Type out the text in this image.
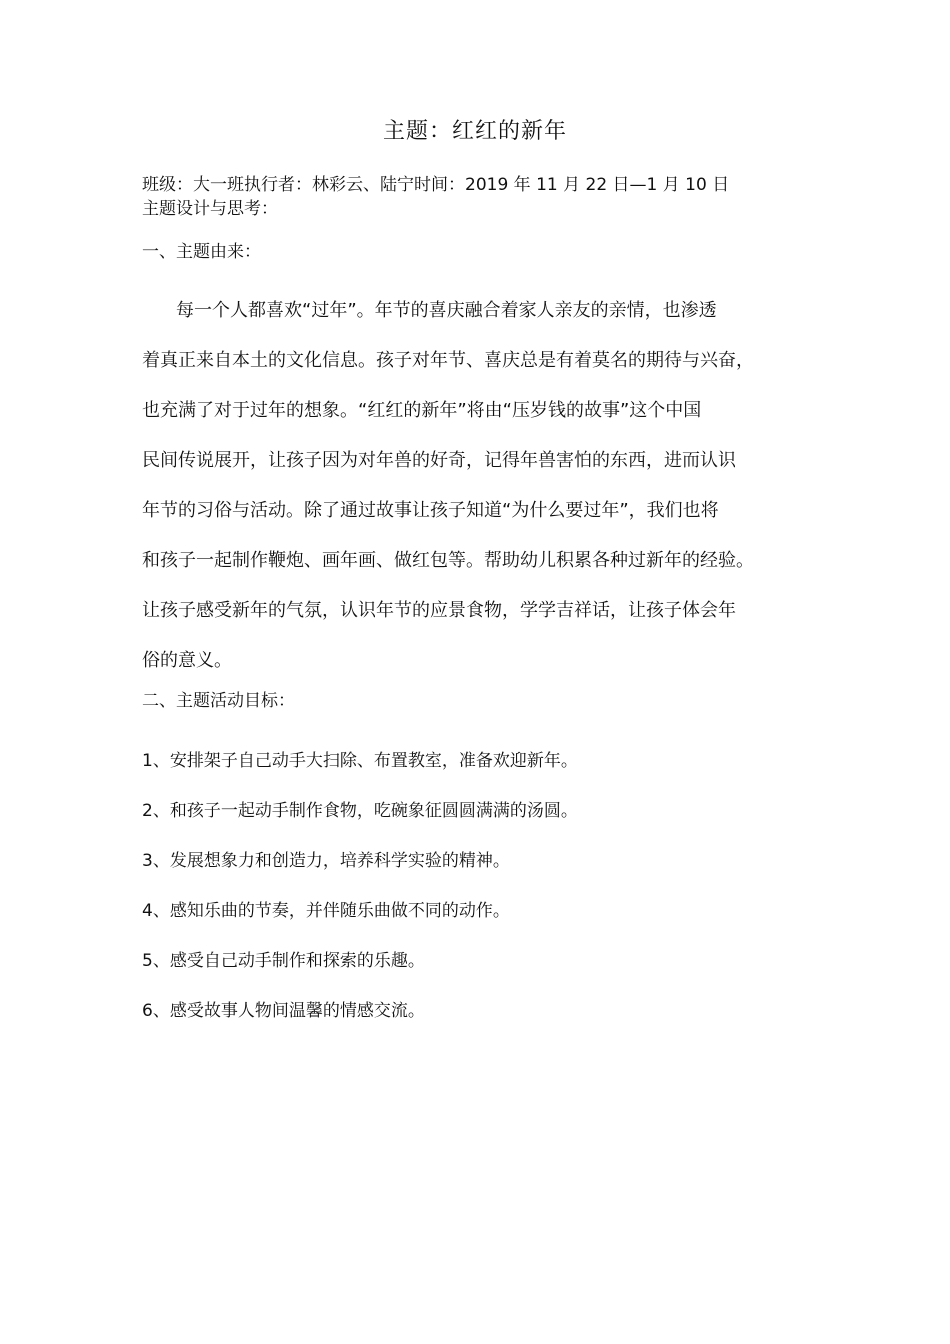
主题：红红的新年
班级：大一班执行者：林彩云、陆宁时间：2019 年 11 月 22 日—1 月 10 日
主题设计与思考：
一、主题由来：
每一个人都喜欢“过年”。年节的喜庆融合着家人亲友的亲情，也渗透
着真正来自本土的文化信息。孩子对年节、喜庆总是有着莫名的期待与兴奋，
也充满了对于过年的想象。“红红的新年”将由“压岁钱的故事”这个中国
民间传说展开，让孩子因为对年兽的好奇，记得年兽害怕的东西，进而认识
年节的习俗与活动。除了通过故事让孩子知道“为什么要过年”，我们也将
和孩子一起制作鞭炮、画年画、做红包等。帮助幼儿积累各种过新年的经验。
让孩子感受新年的气氛，认识年节的应景食物，学学吉祥话，让孩子体会年
俗的意义。
二、主题活动目标：
1、安排架子自己动手大扫除、布置教室，准备欢迎新年。
2、和孩子一起动手制作食物，吃碗象征圆圆满满的汤圆。
3、发展想象力和创造力，培养科学实验的精神。
4、感知乐曲的节奏，并伴随乐曲做不同的动作。
5、感受自己动手制作和探索的乐趣。
6、感受故事人物间温馨的情感交流。
